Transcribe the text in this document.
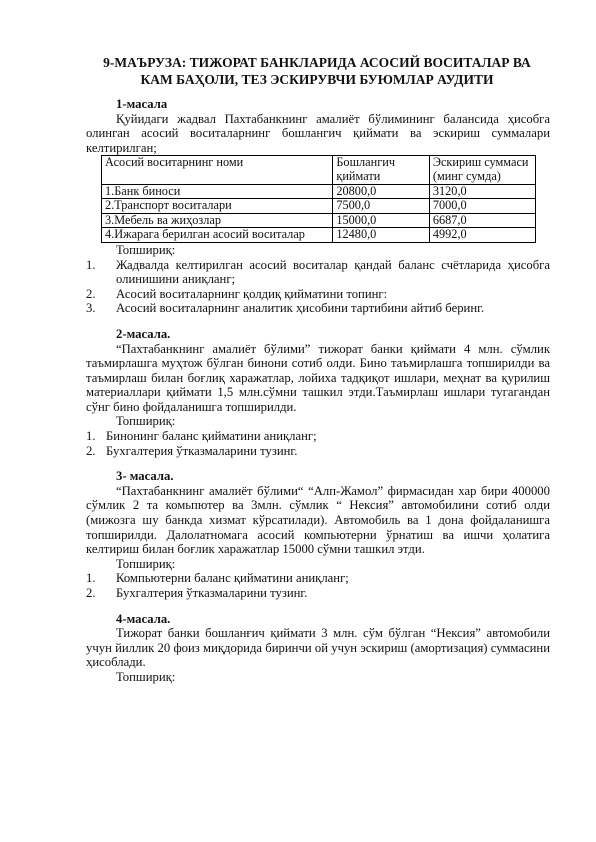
9-МАЪРУЗА: ТИЖОРАТ БАНКЛАРИДА АСОСИЙ ВОСИТАЛАР ВА
КАМ БАҲОЛИ, ТЕЗ ЭСКИРУВЧИ БУЮМЛАР АУДИТИ

1-масала

Қуйидаги жадвал Пахтабанкнинг амалиёт бўлимининг балансида ҳисобга олинган асосий воситаларнинг бошлангич қиймати ва эскириш суммалари келтирилган;

Асосий воситарнинг номи	Бошлангич қиймати	Эскириш суммаси (минг сумда)
1.Банк биноси	20800,0	3120,0
2.Транспорт воситалари	7500,0	7000,0
3.Мебель ва жиҳозлар	15000,0	6687,0
4.Ижарага берилган асосий воситалар	12480,0	4992,0

Топшириқ:

1. Жадвалда келтирилган асосий воситалар қандай баланс счётларида ҳисобга олинишини аниқланг;
2. Асосий воситаларнинг қолдиқ қийматини топинг:
3. Асосий воситаларнинг аналитик ҳисобини тартибини айтиб беринг.

2-масала.

“Пахтабанкнинг амалиёт бўлими” тижорат банки қиймати 4 млн. сўмлик таъмирлашга муҳтож бўлган бинони сотиб олди. Бино таъмирлашга топширилди ва таъмирлаш билан боғлиқ харажатлар, лойиха тадқиқот ишлари, меҳнат ва қурилиш материаллари қиймати 1,5 млн.сўмни ташкил этди.Таъмирлаш ишлари тугагандан сўнг бино фойдаланишга топширилди.

Топшириқ:

1. Бинонинг баланс қийматини аниқланг;
2. Бухгалтерия ўтказмаларини тузинг.

3- масала.

“Пахтабанкнинг амалиёт бўлими“ “Алп-Жамол” фирмасидан хар бири 400000 сўмлик 2 та комьпютер ва 3млн. сўмлик “ Нексия” автомобилини сотиб олди (мижозга шу банкда хизмат кўрсатилади). Автомобиль ва 1 дона фойдаланишга топширилди. Далолатномага асосий компьютерни ўрнатиш ва ишчи ҳолатига келтириш билан боғлик харажатлар 15000 сўмни ташкил этди.

Топшириқ:

1. Компьютерни баланс қийматини аниқланг;
2. Бухгалтерия ўтказмаларини тузинг.

4-масала.

Тижорат банки бошланғич қиймати 3 млн. сўм бўлган “Нексия” автомобили учун йиллик 20 фоиз миқдорида биринчи ой учун эскириш (амортизация) суммасини ҳисоблади.

Топшириқ:
